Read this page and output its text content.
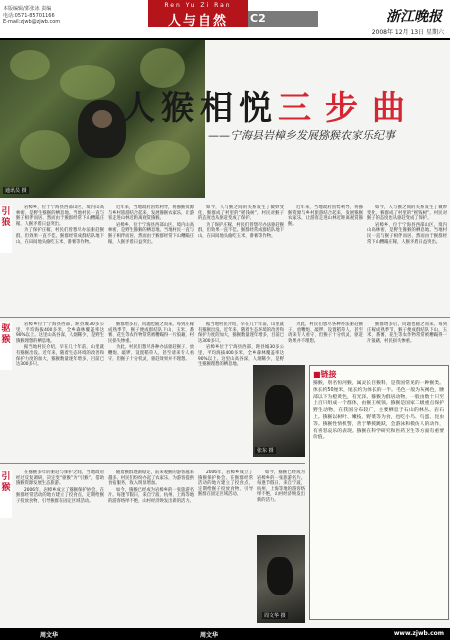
本版编辑/郭张冰 责编
电话:0571-85701166
E-mail:zjwb@zjwb.com
Ren Yu Zi Ran
人与自然	C2	浙江晚报
2008年 12月 13日 星期六
通讯员 摄
人猴相悦三步曲
——宁海县岩樟乡发展猕猴农家乐纪事
引狼
驱猴
引猴

岩樟乡，位于宁海县西部山区，境内山高林密，是野生猕猴的栖息地。当地村民一直与猴子相伴而居，然而由于猴群经常下山糟蹋庄稼，人猴矛盾日益突出。

为了保护庄稼，村民们曾想尽办法驱赶猴群，但效果一直不佳。猴群经常成群结队地下山，在田间地头偷吃玉米、番薯等作物。

近年来，当地政府因势利导，将猕猴资源与乡村旅游结合起来，发展猕猴农家乐，让游客走进山林近距离观赏猕猴。

岩樟乡，位于宁海县西部山区，境内山高林密，是野生猕猴的栖息地。当地村民一直与猴子相伴而居，然而由于猴群经常下山糟蹋庄稼，人猴矛盾日益突出。

如今，人与猴之间的关系发生了微妙变化，猴群成了村里的“摇钱树”，村民对猴子的态度也从驱赶变成了保护。

为了保护庄稼，村民们曾想尽办法驱赶猴群，但效果一直不佳。猴群经常成群结队地下山，在田间地头偷吃玉米、番薯等作物。

近年来，当地政府因势利导，将猕猴资源与乡村旅游结合起来，发展猕猴农家乐，让游客走进山林近距离观赏猕猴。

如今，人与猴之间的关系发生了微妙变化，猴群成了村里的“摇钱树”，村民对猴子的态度也从驱赶变成了保护。

岩樟乡，位于宁海县西部山区，境内山高林密，是野生猕猴的栖息地。当地村民一直与猴子相伴而居，然而由于猴群经常下山糟蹋庄稼，人猴矛盾日益突出。

岩樟乡位于宁海县西部，距县城30多公里，平均海拔400多米，全乡森林覆盖率达90%以上。这里山高谷深，人烟稀少，是野生猕猴理想的栖息地。

据当地村民介绍，早在几十年前，山里就有猕猴出没。近年来，随着生态环境的改善和保护力度的加大，猕猴数量逐年增多，目前已达300多只。

猴群增多后，问题也随之而来。每到庄稼成熟季节，猴子便成群结队下山，玉米、番薯、花生等农作物常常被糟蹋得一片狼藉，村民损失惨重。

为此，村民们想尽各种办法驱赶猴子，放鞭炮、敲锣、设置稻草人，甚至请来专人看守，但猴子十分机灵，驱赶效果并不理想。

据当地村民介绍，早在几十年前，山里就有猕猴出没。近年来，随着生态环境的改善和保护力度的加大，猕猴数量逐年增多，目前已达300多只。

岩樟乡位于宁海县西部，距县城30多公里，平均海拔400多米，全乡森林覆盖率达90%以上。这里山高谷深，人烟稀少，是野生猕猴理想的栖息地。

张东 摄

为此，村民们想尽各种办法驱赶猴子，放鞭炮、敲锣、设置稻草人，甚至请来专人看守，但猴子十分机灵，驱赶效果并不理想。

猴群增多后，问题也随之而来。每到庄稼成熟季节，猴子便成群结队下山，玉米、番薯、花生等农作物常常被糟蹋得一片狼藉，村民损失惨重。

在猕猴多年的驱赶与保护之间，当地政府经过反复调研，决定变“驱猴”为“引猴”，借助猕猴资源发展生态旅游。

2006年，岩樟乡成立了猕猴保护协会，在猴群经常活动的地方建立了投食点，定期给猴子投放食物，引导猴群在固定区域活动。

随着猴群逐渐稳定，前来观猴的游客越来越多。村民们纷纷办起了农家乐，为游客提供食宿服务，收入明显增加。

如今，猕猴已经成为岩樟乡的一张旅游名片。每逢节假日，来自宁波、杭州、上海等地的游客络绎不绝，山村经济焕发出新的活力。

2006年，岩樟乡成立了猕猴保护协会，在猴群经常活动的地方建立了投食点，定期给猴子投放食物，引导猴群在固定区域活动。

周文华 摄

如今，猕猴已经成为岩樟乡的一张旅游名片。每逢节假日，来自宁波、杭州、上海等地的游客络绎不绝，山村经济焕发出新的活力。

■链接
猕猴，别名恒河猴，属灵长目猴科，是我国常见的一种猴类。体长约50厘米，尾长约为体长的一半。毛色一般为灰褐色，腰部以下为橙黄色，有光泽。猕猴为群居动物，一般由数十只至上百只组成一个群体，由猴王统领。猕猴是国家二级重点保护野生动物，在我国分布较广，主要栖息于石山的林丛、岩石上。猕猴以树叶、嫩枝、野菜等为食，也吃小鸟、鸟蛋、昆虫等。猕猴性情机警，善于攀援跳跃，会游泳和模仿人的动作，有喜怒哀乐的表现。猕猴在科学研究和医药卫生等方面有重要价值。
周文华	周文华	www.zjwb.com
